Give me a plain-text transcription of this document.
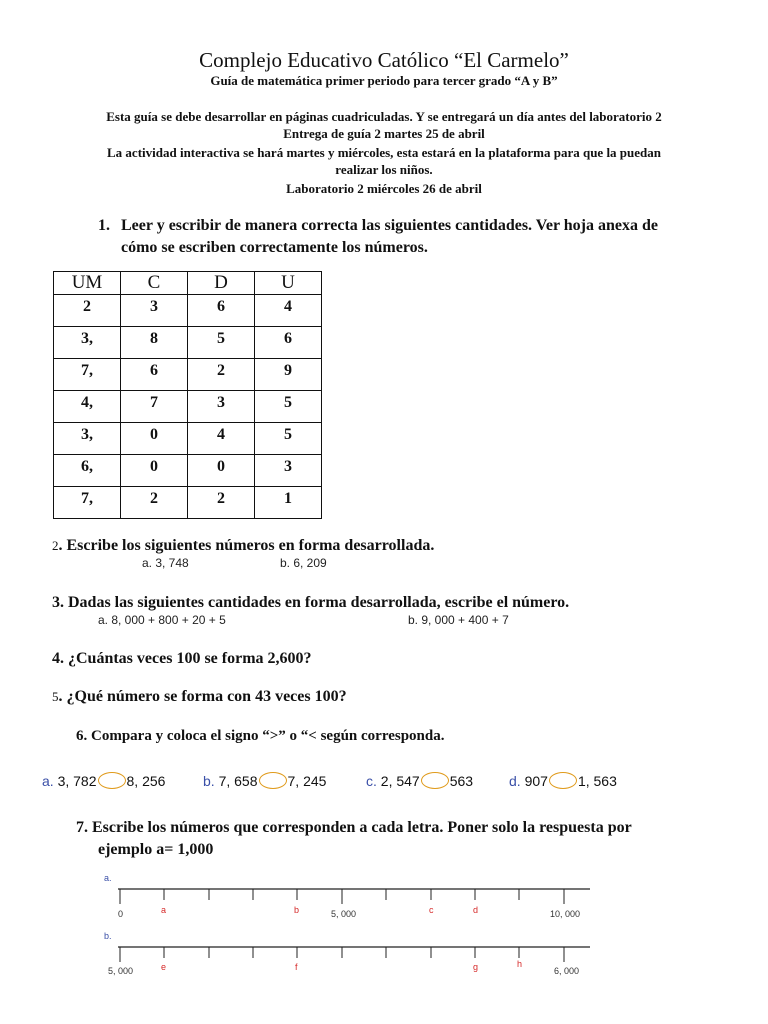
Complejo Educativo Católico “El Carmelo”
Guía de matemática primer periodo para tercer grado “A y B”
Esta guía se debe desarrollar en páginas cuadriculadas. Y se entregará un día antes del laboratorio 2
Entrega de guía 2 martes 25 de abril
La actividad interactiva se hará martes y miércoles, esta estará en la plataforma para que la puedan
realizar los niños.
Laboratorio 2 miércoles 26 de abril
1. Leer y escribir de manera correcta las siguientes cantidades. Ver hoja anexa de
cómo se escriben correctamente los números.
UM	C	D	U
2	3	6	4
3,	8	5	6
7,	6	2	9
4,	7	3	5
3,	0	4	5
6,	0	0	3
7,	2	2	1
2. Escribe los siguientes números en forma desarrollada.
a. 3, 748	b. 6, 209
3. Dadas las siguientes cantidades en forma desarrollada, escribe el número.
a. 8, 000 + 800 + 20 + 5	b. 9, 000 + 400 + 7
4. ¿Cuántas veces 100 se forma 2,600?
5. ¿Qué número se forma con 43 veces 100?
6. Compara y coloca el signo “>” o “< según corresponda.
a. 3, 782 8, 256	b. 7, 658 7, 245	c. 2, 547 563	d. 907 1, 563
7. Escribe los números que corresponden a cada letra. Poner solo la respuesta por
ejemplo a= 1,000
a.
0	5, 000	10, 000
a	b	c	d
b.
5, 000	6, 000
e	f	g	h
